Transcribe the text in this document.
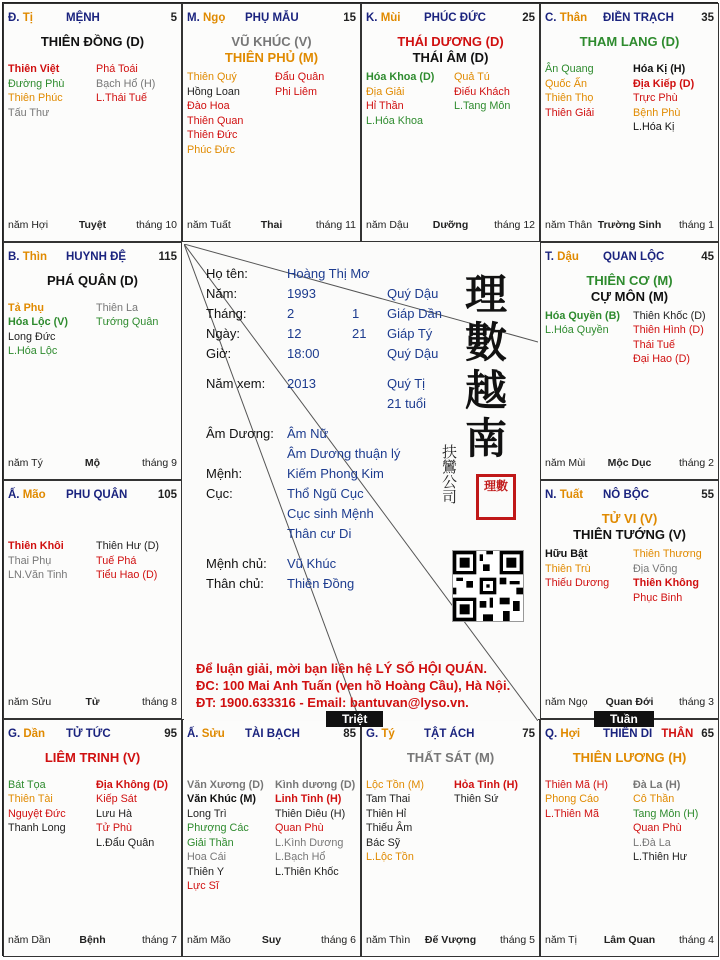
Đ. Tị	MỆNH	5
THIÊN ĐỒNG (D)
Thiên Việt
Đường Phù
Thiên Phúc
Tấu Thư
Phá Toái
Bạch Hổ (H)
L.Thái Tuế
năm Hợi	Tuyệt	tháng 10
M. Ngọ PHỤ MẪU	15
VŨ KHÚC (V)
THIÊN PHỦ (M)
Thiên Quý
Hồng Loan
Đào Hoa
Thiên Quan
Thiên Đức
Phúc Đức
Đẩu Quân
Phi Liêm
năm Tuất	Thai	tháng 11
K. Mùi PHÚC ĐỨC	25
THÁI DƯƠNG (D)
THÁI ÂM (D)
Hóa Khoa (D)
Địa Giải
Hỉ Thần
L.Hóa Khoa
Quả Tú
Điếu Khách
L.Tang Môn
năm Dậu	Dưỡng	tháng 12
C. Thân ĐIỀN TRẠCH 35
THAM LANG (D)
Ân Quang
Quốc Ấn
Thiên Thọ
Thiên Giải
Hóa Kị (H)
Địa Kiếp (D)
Trực Phù
Bệnh Phù
L.Hóa Kị
năm Thân Trường Sinh	tháng 1
B. Thìn HUYNH ĐỆ	115
PHÁ QUÂN (D)
Tả Phụ
Hóa Lộc (V)
Long Đức
L.Hóa Lộc
Thiên La
Tướng Quân
năm Tý	Mộ	tháng 9
T. Dậu QUAN LỘC	45
THIÊN CƠ (M)
CỰ MÔN (M)
Hóa Quyền (B)
L.Hóa Quyền
Thiên Khốc (D)
Thiên Hình (D)
Thái Tuế
Đại Hao (D)
năm Mùi	Mộc Dục	tháng 2
Ấ. Mão PHU QUÂN	105
Thiên Khôi
Thai Phụ
LN.Văn Tinh
Thiên Hư (D)
Tuế Phá
Tiểu Hao (D)
năm Sửu	Tử	tháng 8
N. Tuất NÔ BỘC	55
TỬ VI (V)
THIÊN TƯỚNG (V)
Hữu Bật
Thiên Trù
Thiếu Dương
Thiên Thương
Địa Võng
Thiên Không
Phục Binh
năm Ngọ	Quan Đới	tháng 3
G. Dần TỬ TỨC	95
LIÊM TRINH (V)
Bát Tọa
Thiên Tài
Nguyệt Đức
Thanh Long
Địa Không (D)
Kiếp Sát
Lưu Hà
Tử Phù
L.Đẩu Quân
năm Dần	Bệnh	tháng 7
Ấ. Sửu TÀI BẠCH	85
Văn Xương (D)
Văn Khúc (M)
Long Trì
Phượng Các
Giải Thần
Hoa Cái
Thiên Y
Lực Sĩ
Kình dương (D)
Linh Tinh (H)
Thiên Diêu (H)
Quan Phù
L.Kình Dương
L.Bạch Hổ
L.Thiên Khốc
năm Mão	Suy	tháng 6
G. Tý	TẬT ÁCH	75
THẤT SÁT (M)
Lộc Tồn (M)
Tam Thai
Thiên Hỉ
Thiếu Âm
Bác Sỹ
L.Lộc Tồn
Hỏa Tinh (H)
Thiên Sứ
năm Thìn	Đế Vượng	tháng 5
Q. Hợi THIÊN DI THÂN 65
THIÊN LƯƠNG (H)
Thiên Mã (H)
Phong Cáo
L.Thiên Mã
Đà La (H)
Cô Thần
Tang Môn (H)
Quan Phù
L.Đà La
L.Thiên Hư
năm Tị	Lâm Quan	tháng 4
Họ tên:	Hoàng Thị Mơ
Năm:	1993	Quý Dậu
Tháng:	2	1 Giáp Dần
Ngày:	12	21 Giáp Tý
Giờ:	18:00	Quý Dậu
Năm xem: 2013	Quý Tị
21 tuổi
Âm Dương: Âm Nữ
Âm Dương thuận lý
Mệnh:	Kiếm Phong Kim
Cục:	Thổ Ngũ Cục
Cục sinh Mệnh
Thân cư Di
Mệnh chủ: Vũ Khúc
Thân chủ: Thiên Đồng
理數越南
扶鸞公司	理數
Để luận giải, mời bạn liên hệ LÝ SỐ HỘI QUÁN.
ĐC: 100 Mai Anh Tuấn (ven hồ Hoàng Cầu), Hà Nội.
ĐT: 1900.633316 - Email: bantuvan@lyso.vn.
Triệt	Tuần
